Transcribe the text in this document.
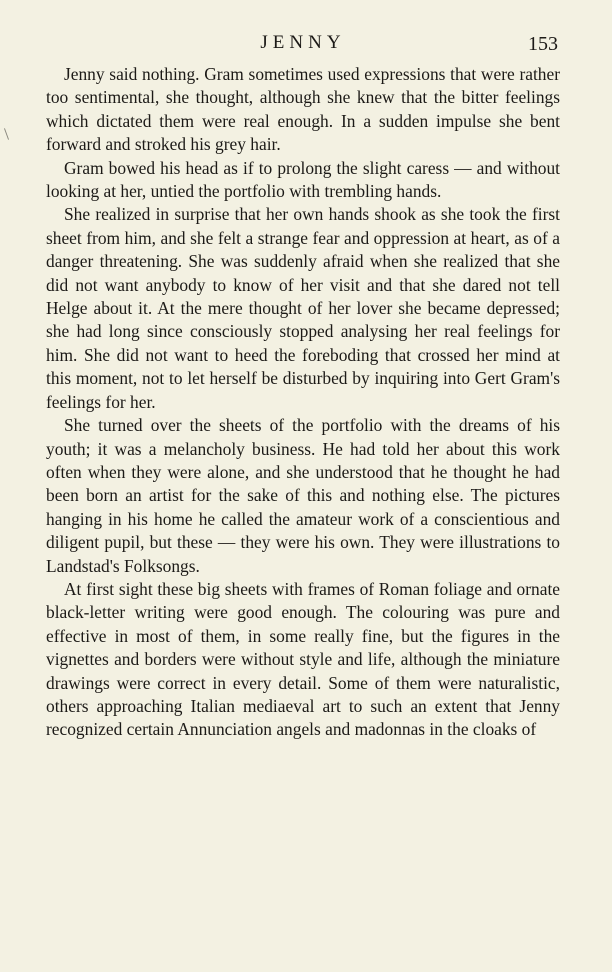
JENNY	153

Jenny said nothing. Gram sometimes used expressions that were rather too sentimental, she thought, although she knew that the bitter feelings which dictated them were real enough. In a sudden impulse she bent forward and stroked his grey hair.

Gram bowed his head as if to prolong the slight caress — and without looking at her, untied the portfolio with trembling hands.

She realized in surprise that her own hands shook as she took the first sheet from him, and she felt a strange fear and oppression at heart, as of a danger threatening. She was suddenly afraid when she realized that she did not want anybody to know of her visit and that she dared not tell Helge about it. At the mere thought of her lover she became depressed; she had long since consciously stopped analysing her real feelings for him. She did not want to heed the foreboding that crossed her mind at this moment, not to let herself be disturbed by inquiring into Gert Gram's feelings for her.

She turned over the sheets of the portfolio with the dreams of his youth; it was a melancholy business. He had told her about this work often when they were alone, and she understood that he thought he had been born an artist for the sake of this and nothing else. The pictures hanging in his home he called the amateur work of a conscientious and diligent pupil, but these — they were his own. They were illustrations to Landstad's Folksongs.

At first sight these big sheets with frames of Roman foliage and ornate black-letter writing were good enough. The colouring was pure and effective in most of them, in some really fine, but the figures in the vignettes and borders were without style and life, although the miniature drawings were correct in every detail. Some of them were naturalistic, others approaching Italian mediaeval art to such an extent that Jenny recognized certain Annunciation angels and madonnas in the cloaks of
